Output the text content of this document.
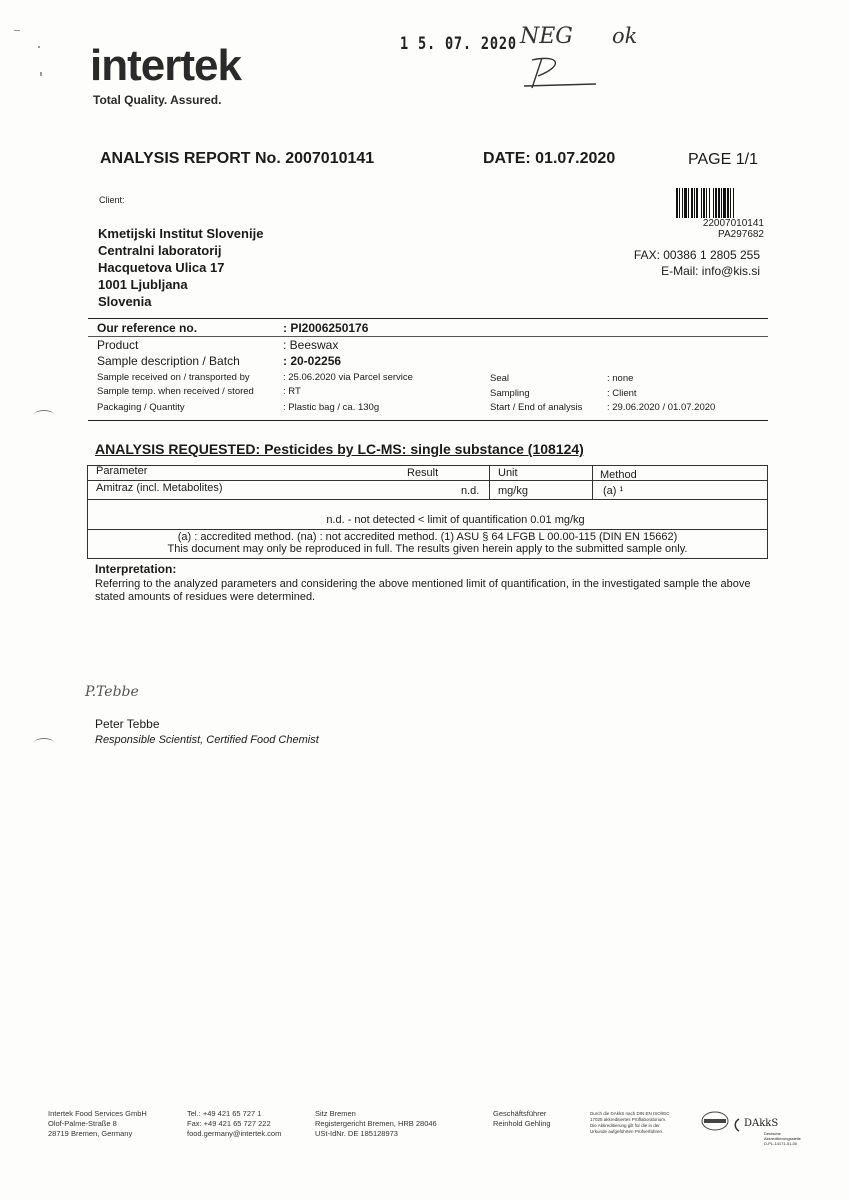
1 5. 07. 2020 NEG ok
intertek
Total Quality. Assured.
ANALYSIS REPORT No. 2007010141	DATE: 01.07.2020	PAGE 1/1
Client:
22007010141
PA297682
Kmetijski Institut Slovenije
Centralni laboratorij
Hacquetova Ulica 17
1001 Ljubljana
Slovenia
FAX: 00386 1 2805 255
E-Mail: info@kis.si
Our reference no.	: PI2006250176
Product	: Beeswax
Sample description / Batch	: 20-02256
Sample received on / transported by	: 25.06.2020 via Parcel service	Seal	: none
Sample temp. when received / stored	: RT	Sampling	: Client
Packaging / Quantity	: Plastic bag / ca. 130g	Start / End of analysis	: 29.06.2020 / 01.07.2020
ANALYSIS REQUESTED: Pesticides by LC-MS: single substance (108124)
Parameter	Result	Unit	Method
Amitraz (incl. Metabolites)	n.d. mg/kg	(a) ¹
n.d. - not detected < limit of quantification 0.01 mg/kg
(a) : accredited method. (na) : not accredited method. (1) ASU § 64 LFGB L 00.00-115 (DIN EN 15662)
This document may only be reproduced in full. The results given herein apply to the submitted sample only.
Interpretation:
Referring to the analyzed parameters and considering the above mentioned limit of quantification, in the investigated sample the above stated amounts of residues were determined.
P.Tebbe
Peter Tebbe
Responsible Scientist, Certified Food Chemist
Intertek Food Services GmbH
Olof-Palme-Straße 8
28719 Bremen, Germany
Tel.: +49 421 65 727 1
Fax: +49 421 65 727 222
food.germany@intertek.com
Sitz Bremen
Registergericht Bremen, HRB 28046
USt-IdNr. DE 185128973
Geschäftsführer
Reinhold Gehling
Durch die DAkkS nach DIN EN ISO/IEC
17025 akkreditiertes Prüflaboratorium.
Die Akkreditierung gilt für die in der
Urkunde aufgeführten Prüfverfahren.
DAkkS
Deutsche
Akkreditierungsstelle
D-PL-14171-01-00
